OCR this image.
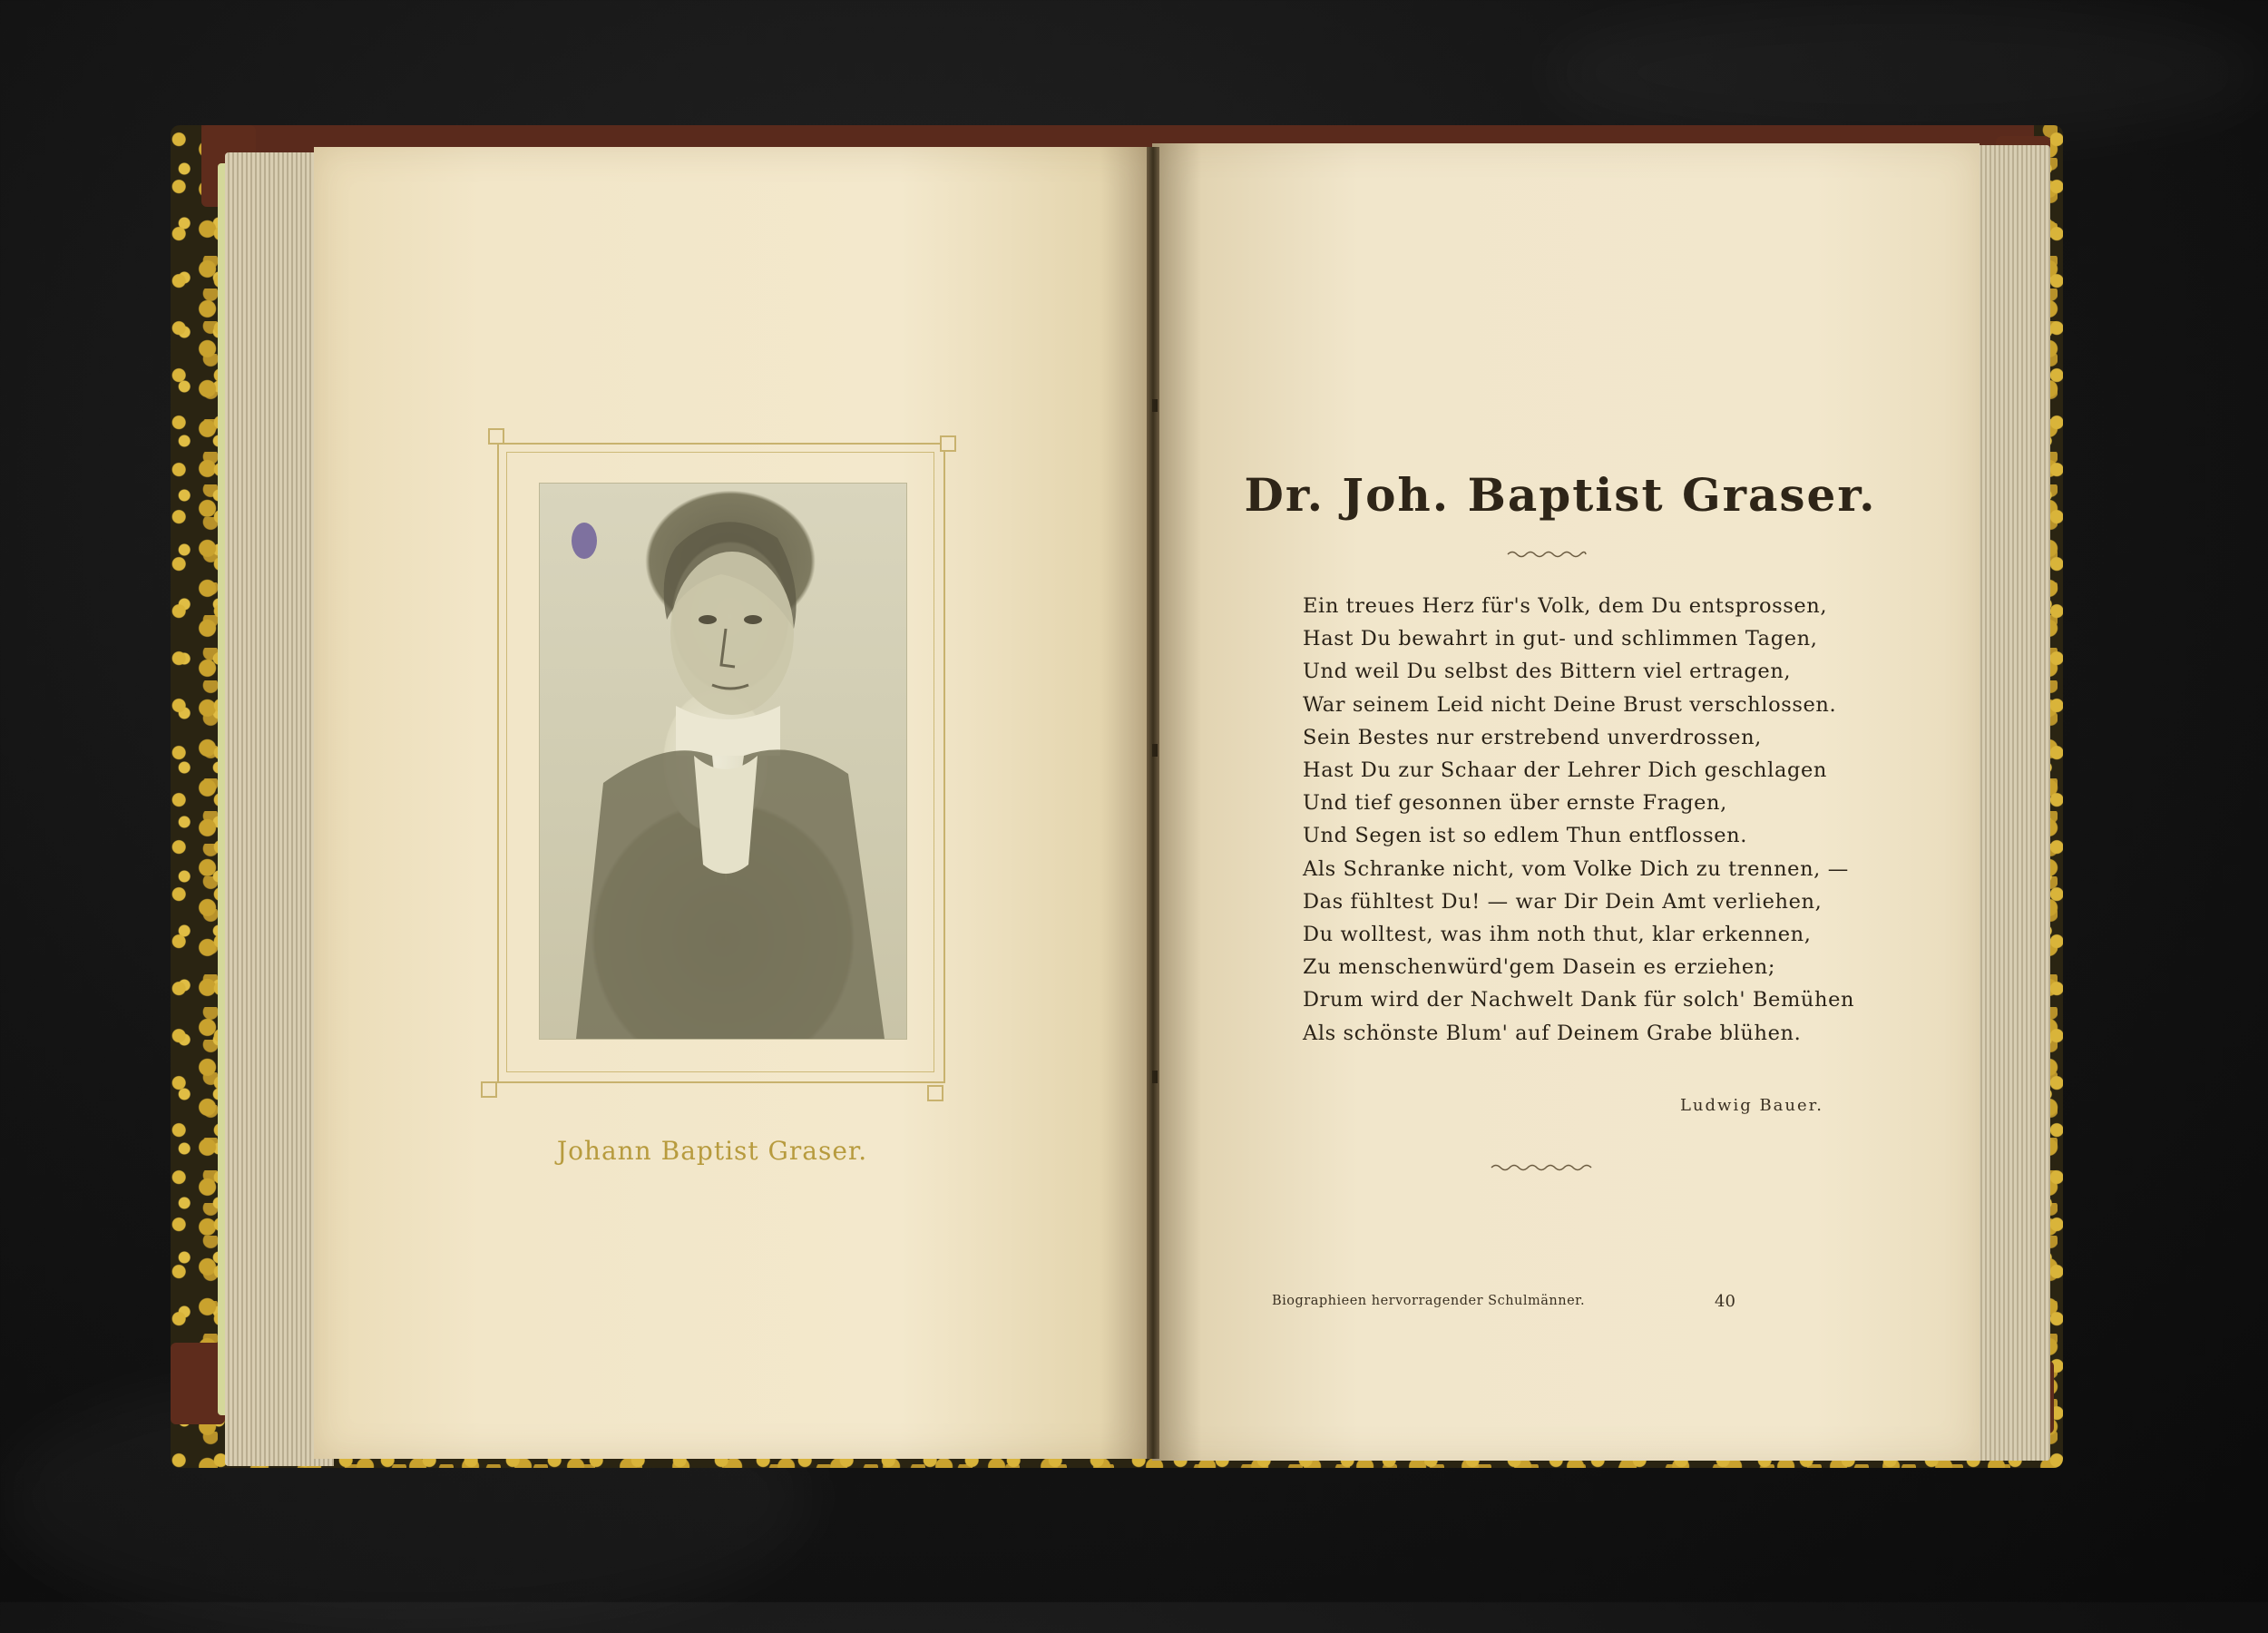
Johann Baptist Graser.
Dr. Joh. Baptist Graser.
Ein treues Herz für's Volk, dem Du entsprossen,
Hast Du bewahrt in gut- und schlimmen Tagen,
Und weil Du selbst des Bittern viel ertragen,
War seinem Leid nicht Deine Brust verschlossen.
Sein Bestes nur erstrebend unverdrossen,
Hast Du zur Schaar der Lehrer Dich geschlagen
Und tief gesonnen über ernste Fragen,
Und Segen ist so edlem Thun entflossen.
Als Schranke nicht, vom Volke Dich zu trennen, —
Das fühltest Du! — war Dir Dein Amt verliehen,
Du wolltest, was ihm noth thut, klar erkennen,
Zu menschenwürd'gem Dasein es erziehen;
Drum wird der Nachwelt Dank für solch' Bemühen
Als schönste Blum' auf Deinem Grabe blühen.
Ludwig Bauer.
Biographieen hervorragender Schulmänner.	40
